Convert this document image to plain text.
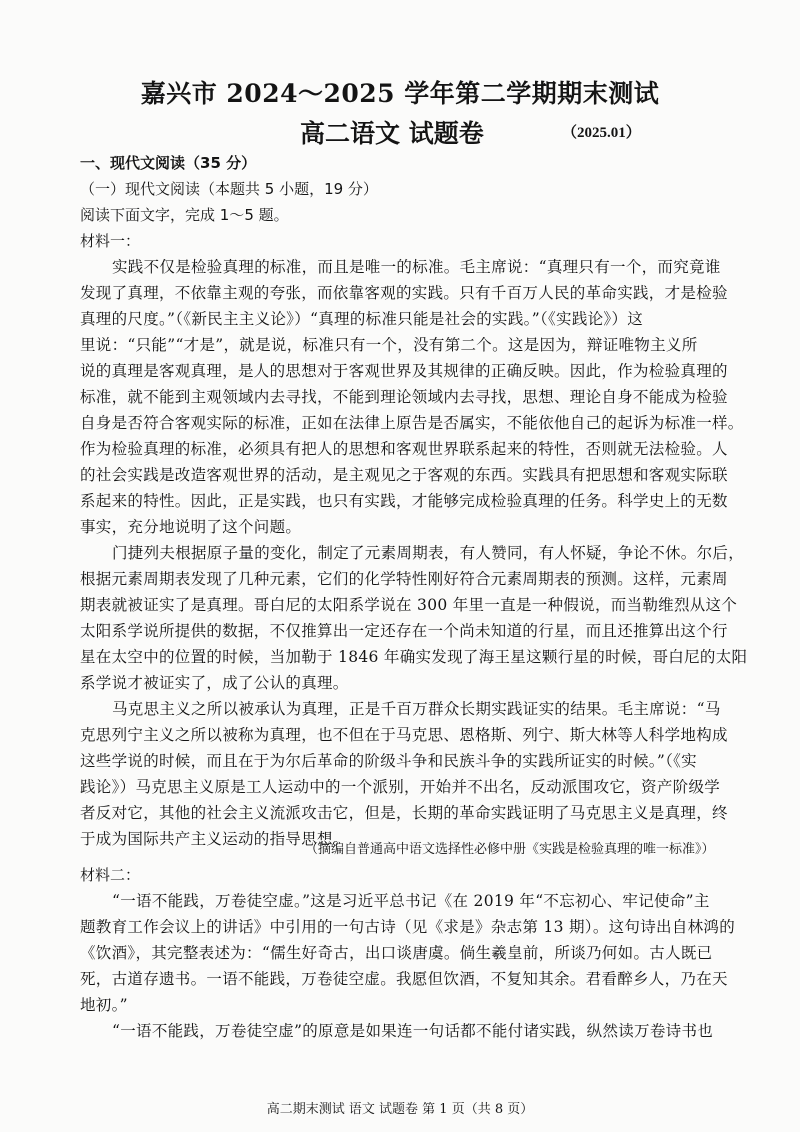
嘉兴市 2024～2025 学年第二学期期末测试
高二语文 试题卷	（2025.01）
一、现代文阅读（35 分）
（一）现代文阅读（本题共 5 小题，19 分）
阅读下面文字，完成 1～5 题。
材料一：
实践不仅是检验真理的标准，而且是唯一的标准。毛主席说：“真理只有一个，而究竟谁
发现了真理，不依靠主观的夸张，而依靠客观的实践。只有千百万人民的革命实践，才是检验
真理的尺度。”（《新民主主义论》）“真理的标准只能是社会的实践。”（《实践论》）这
里说：“只能”“才是”，就是说，标准只有一个，没有第二个。这是因为，辩证唯物主义所
说的真理是客观真理，是人的思想对于客观世界及其规律的正确反映。因此，作为检验真理的
标准，就不能到主观领域内去寻找，不能到理论领域内去寻找，思想、理论自身不能成为检验
自身是否符合客观实际的标准，正如在法律上原告是否属实，不能依他自己的起诉为标准一样。
作为检验真理的标准，必须具有把人的思想和客观世界联系起来的特性，否则就无法检验。人
的社会实践是改造客观世界的活动，是主观见之于客观的东西。实践具有把思想和客观实际联
系起来的特性。因此，正是实践，也只有实践，才能够完成检验真理的任务。科学史上的无数
事实，充分地说明了这个问题。
门捷列夫根据原子量的变化，制定了元素周期表，有人赞同，有人怀疑，争论不休。尔后，
根据元素周期表发现了几种元素，它们的化学特性刚好符合元素周期表的预测。这样，元素周
期表就被证实了是真理。哥白尼的太阳系学说在 300 年里一直是一种假说，而当勒维烈从这个
太阳系学说所提供的数据，不仅推算出一定还存在一个尚未知道的行星，而且还推算出这个行
星在太空中的位置的时候，当加勒于 1846 年确实发现了海王星这颗行星的时候，哥白尼的太阳
系学说才被证实了，成了公认的真理。
马克思主义之所以被承认为真理，正是千百万群众长期实践证实的结果。毛主席说：“马
克思列宁主义之所以被称为真理，也不但在于马克思、恩格斯、列宁、斯大林等人科学地构成
这些学说的时候，而且在于为尔后革命的阶级斗争和民族斗争的实践所证实的时候。”（《实
践论》）马克思主义原是工人运动中的一个派别，开始并不出名，反动派围攻它，资产阶级学
者反对它，其他的社会主义流派攻击它，但是，长期的革命实践证明了马克思主义是真理，终
于成为国际共产主义运动的指导思想。
（摘编自普通高中语文选择性必修中册《实践是检验真理的唯一标准》）
材料二：
“一语不能践，万卷徒空虚。”这是习近平总书记《在 2019 年“不忘初心、牢记使命”主
题教育工作会议上的讲话》中引用的一句古诗（见《求是》杂志第 13 期）。这句诗出自林鸿的
《饮酒》，其完整表述为：“儒生好奇古，出口谈唐虞。倘生羲皇前，所谈乃何如。古人既已
死，古道存遗书。一语不能践，万卷徒空虚。我愿但饮酒，不复知其余。君看醉乡人，乃在天
地初。”
“一语不能践，万卷徒空虚”的原意是如果连一句话都不能付诸实践，纵然读万卷诗书也
高二期末测试 语文 试题卷 第 1 页（共 8 页）
